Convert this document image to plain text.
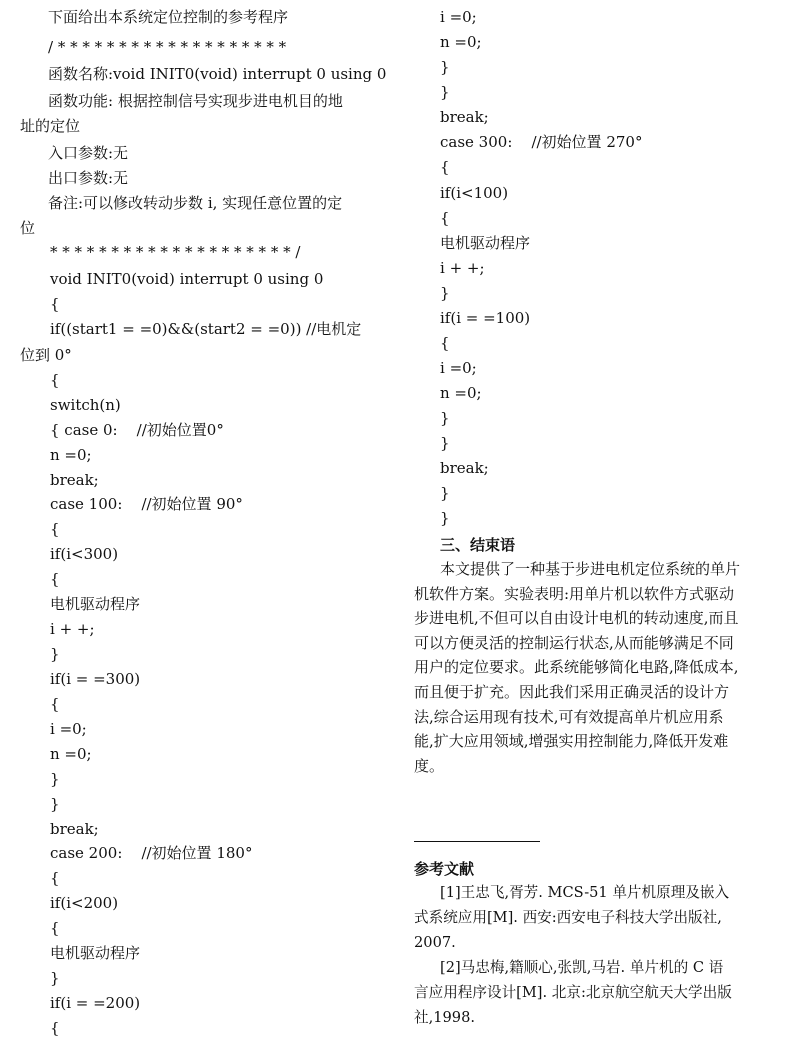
下面给出本系统定位控制的参考程序
/ * * * * * * * * * * * * * * * * * * *
函数名称:void INIT0(void) interrupt 0 using 0
函数功能: 根据控制信号实现步进电机目的地
址的定位
入口参数:无
出口参数:无
备注:可以修改转动步数 i, 实现任意位置的定
位
* * * * * * * * * * * * * * * * * * * * /
void INIT0(void) interrupt 0 using 0
{
if((start1 = =0)&&(start2 = =0)) //电机定
位到 0°
{
switch(n)
{ case 0:    //初始位置0°
n =0;
break;
case 100:    //初始位置 90°
{
if(i<300)
{
电机驱动程序
i + +;
}
if(i = =300)
{
i =0;
n =0;
}
}
break;
case 200:    //初始位置 180°
{
if(i<200)
{
电机驱动程序
}
if(i = =200)
{
i =0;
n =0;
}
}
break;
case 300:    //初始位置 270°
{
if(i<100)
{
电机驱动程序
i + +;
}
if(i = =100)
{
i =0;
n =0;
}
}
break;
}
}
三、结束语
本文提供了一种基于步进电机定位系统的单片
机软件方案。实验表明:用单片机以软件方式驱动
步进电机,不但可以自由设计电机的转动速度,而且
可以方便灵活的控制运行状态,从而能够满足不同
用户的定位要求。此系统能够简化电路,降低成本,
而且便于扩充。因此我们采用正确灵活的设计方
法,综合运用现有技术,可有效提高单片机应用系
能,扩大应用领域,增强实用控制能力,降低开发难
度。
参考文献
[1]王忠飞,胥芳. MCS-51 单片机原理及嵌入
式系统应用[M]. 西安:西安电子科技大学出版社,
2007.
[2]马忠梅,籍顺心,张凯,马岩. 单片机的 C 语
言应用程序设计[M]. 北京:北京航空航天大学出版
社,1998.
